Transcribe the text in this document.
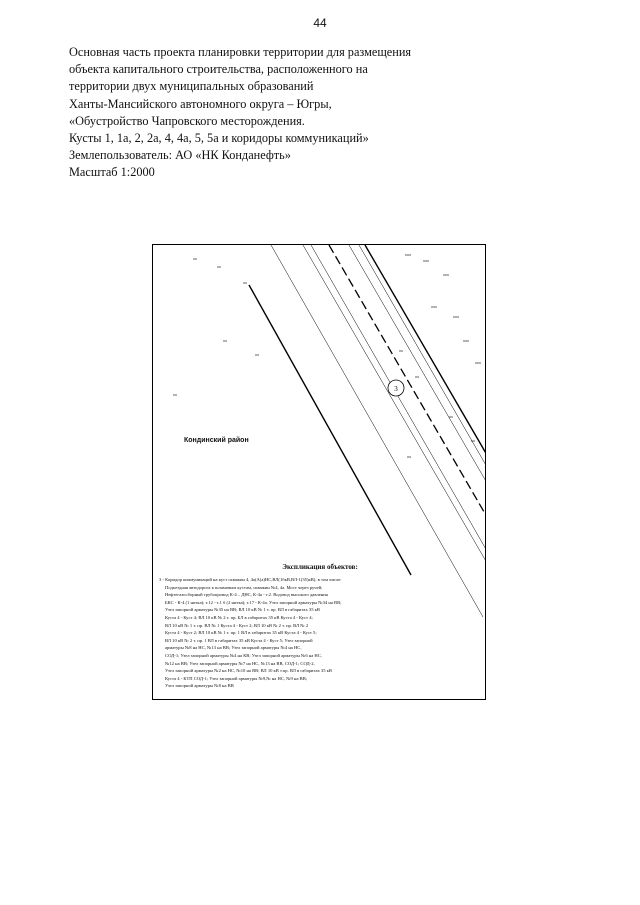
44
Основная часть проекта планировки территории для размещения
объекта капитального строительства, расположенного на
территории двух муниципальных образований
Ханты-Мансийского автономного округа – Югры,
«Обустройство Чапровского месторождения.
Кусты 1, 1а, 2, 2а, 4, 4а, 5, 5а и коридоры коммуникаций»
Землепользователь: АО «НК Конданефть»
Масштаб 1:2000
3
Кондинский район
Экспликация объектов:

3 - Коридор коммуникаций на куст скважин 4, 4а(А(а)НС,ВЛ(1бкВ,ВЛ-1(35)кВ), в том числе:

Подъездная автодорога к шламовым кустам, скважин №4, 4а. Мост через ручей;

Нефтегазосборный трубопровод К-4 – ДНС, К-4а - т.2. Водовод высокого давления

БКС - К-4 (1 нитка); т.12 - т.1 б (2 нитка); т.17 - К-4а. Узел запорной арматуры №34 на ВВ;

Узел запорной арматуры №35 на ВВ; ВЛ 10 кВ № 1 т. пр. ВЛ в габаритах 35 кВ

Куста 4 - Куст 4; ВЛ 10 кВ № 2 т. пр. БЛ в габаритах 35 кВ Куста 4 - Куст 4;

ВЛ 10 кВ № 1 т. пр. ВЛ № 1 Куста 4 - Куст 2; ВЛ 10 кВ № 2 т. пр. ВЛ № 2

Куста 4 - Куст 2; ВЛ 10 кВ № 1 т. пр. 1 ВЛ в габаритах 35 кВ Куста 4 - Куст 5;

ВЛ 10 кВ № 2 т. пр. 1 ВЛ в габаритах 35 кВ Куста 4 - Куст 5; Узел запорной

арматуры №8 на НС, №13 на ВВ; Узел запорной арматуры №4 на НС,

СОД-1; Узел запорной арматуры №4 на КВ; Узел запорной арматуры №6 на НС,

№12 на ВВ; Узел запорной арматуры №7 на НС, №13 на ВВ, СОД-1; СОД-2,

Узел запорной арматуры №2 на НС, №10 на ВВ; ВЛ 10 кВ т.пр. ВЛ в габаритах 35 кВ

Куста 4 - КТП СОД-1; Узел запорной арматуры №9,№ на НС, №9 на ВВ;

Узел запорной арматуры №8 на ВВ
